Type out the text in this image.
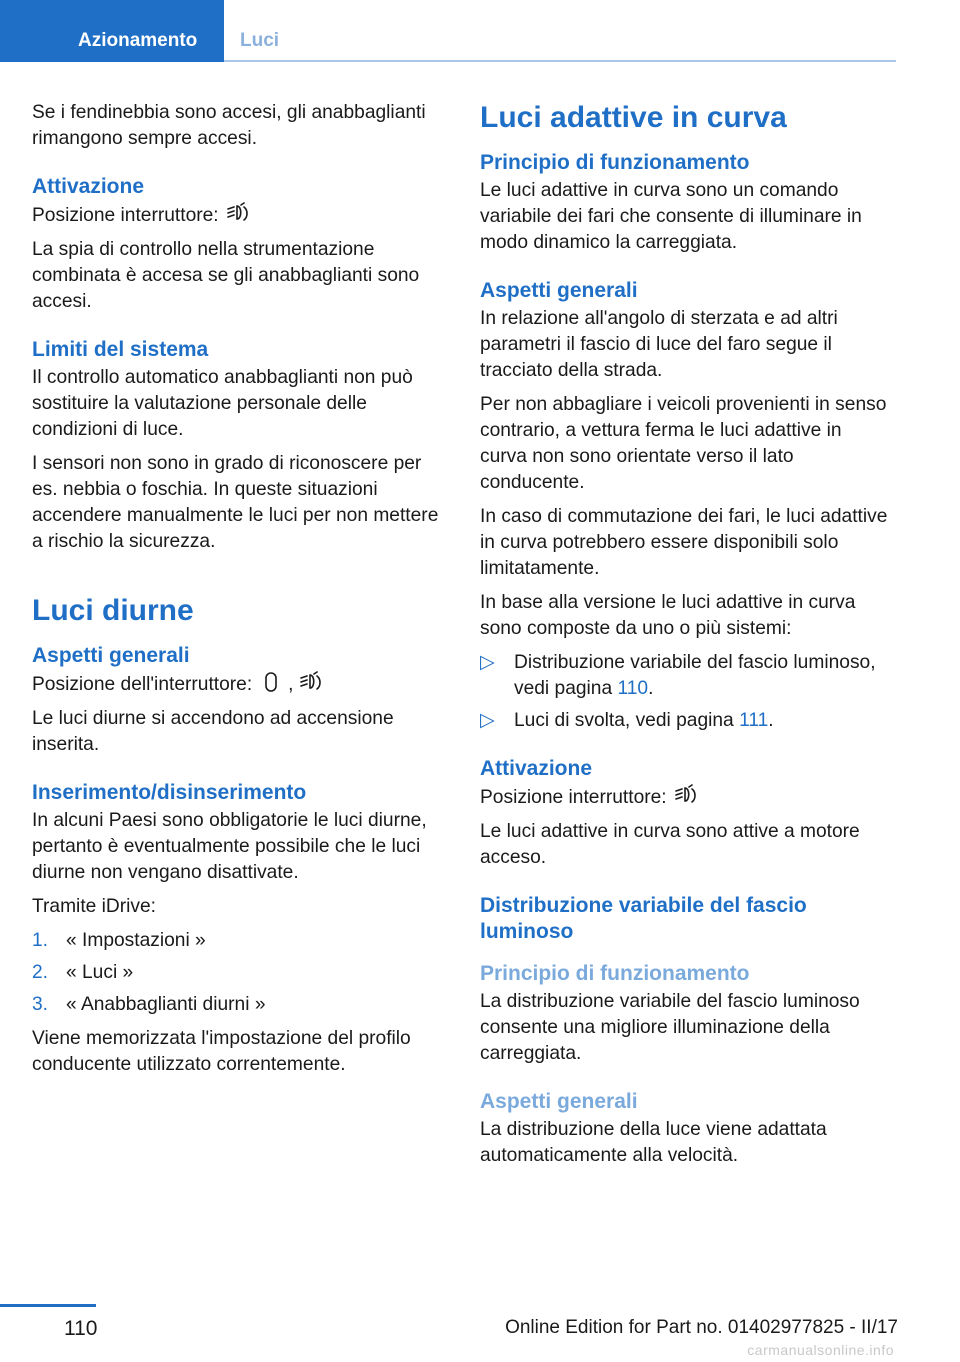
Azionamento	Luci

Se i fendinebbia sono accesi, gli anabbaglianti rimangono sempre accesi.

Attivazione

Posizione interruttore:

La spia di controllo nella strumentazione combinata è accesa se gli anabbaglianti sono accesi.

Limiti del sistema

Il controllo automatico anabbaglianti non può sostituire la valutazione personale delle condizioni di luce.

I sensori non sono in grado di riconoscere per es. nebbia o foschia. In queste situazioni accendere manualmente le luci per non mettere a rischio la sicurezza.

Luci diurne
Aspetti generali

Posizione dell'interruttore: ,

Le luci diurne si accendono ad accensione inserita.

Inserimento/disinserimento

In alcuni Paesi sono obbligatorie le luci diurne, pertanto è eventualmente possibile che le luci diurne non vengano disattivate.

Tramite iDrive:

1. « Impostazioni »
2. « Luci »
3. « Anabbaglianti diurni »

Viene memorizzata l'impostazione del profilo conducente utilizzato correntemente.

Luci adattive in curva
Principio di funzionamento

Le luci adattive in curva sono un comando variabile dei fari che consente di illuminare in modo dinamico la carreggiata.

Aspetti generali

In relazione all'angolo di sterzata e ad altri parametri il fascio di luce del faro segue il tracciato della strada.

Per non abbagliare i veicoli provenienti in senso contrario, a vettura ferma le luci adattive in curva non sono orientate verso il lato conducente.

In caso di commutazione dei fari, le luci adattive in curva potrebbero essere disponibili solo limitatamente.

In base alla versione le luci adattive in curva sono composte da uno o più sistemi:

▷ Distribuzione variabile del fascio luminoso, vedi pagina 110.
▷ Luci di svolta, vedi pagina 111.
Attivazione

Posizione interruttore:

Le luci adattive in curva sono attive a motore acceso.

Distribuzione variabile del fascio luminoso
Principio di funzionamento

La distribuzione variabile del fascio luminoso consente una migliore illuminazione della carreggiata.

Aspetti generali

La distribuzione della luce viene adattata automaticamente alla velocità.

110	Online Edition for Part no. 01402977825 - II/17
carmanualsonline.info
